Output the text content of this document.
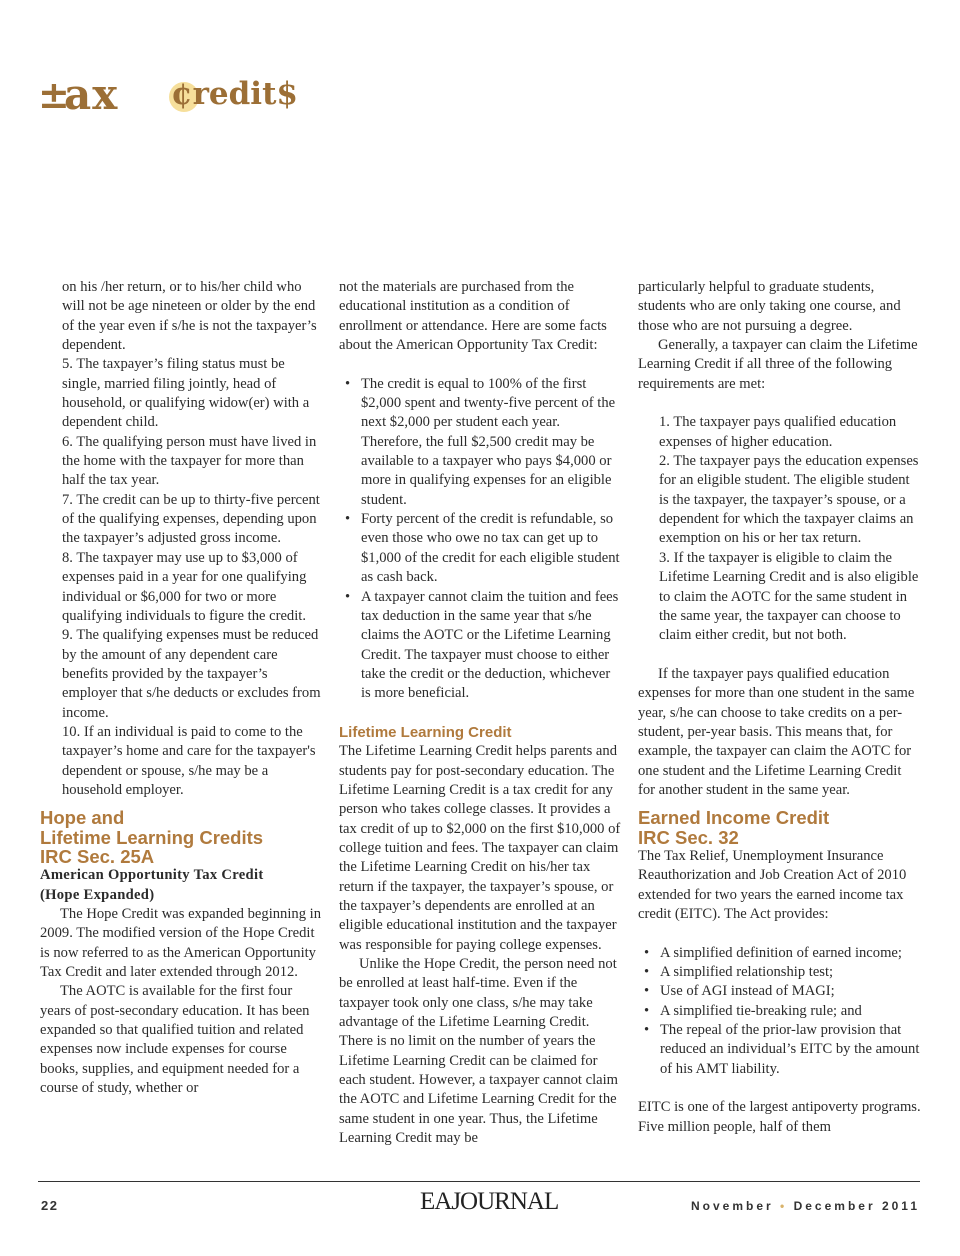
±
ax ¢redit$

on his /her return, or to his/her child who will not be age nineteen or older by the end of the year even if s/he is not the taxpayer’s dependent.

5. The taxpayer’s filing status must be single, married filing jointly, head of household, or qualifying widow(er) with a dependent child.

6. The qualifying person must have lived in the home with the taxpayer for more than half the tax year.

7. The credit can be up to thirty-five percent of the qualifying expenses, depending upon the taxpayer’s adjusted gross income.

8. The taxpayer may use up to $3,000 of expenses paid in a year for one qualifying individual or $6,000 for two or more qualifying individuals to figure the credit.

9. The qualifying expenses must be reduced by the amount of any dependent care benefits provided by the taxpayer’s employer that s/he deducts or excludes from income.

10. If an individual is paid to come to the taxpayer’s home and care for the taxpayer's dependent or spouse, s/he may be a household employer.

Hope and

Lifetime Learning Credits

IRC Sec. 25A

American Opportunity Tax Credit

(Hope Expanded)

The Hope Credit was expanded beginning in 2009. The modified version of the Hope Credit is now referred to as the American Opportunity Tax Credit and later extended through 2012.

The AOTC is available for the first four years of post-secondary education. It has been expanded so that qualified tuition and related expenses now include expenses for course books, supplies, and equipment needed for a course of study, whether or

not the materials are purchased from the educational institution as a condition of enrollment or attendance. Here are some facts about the American Opportunity Tax Credit:

• The credit is equal to 100% of the first $2,000 spent and twenty-five percent of the next $2,000 per student each year. Therefore, the full $2,500 credit may be available to a taxpayer who pays $4,000 or more in qualifying expenses for an eligible student.
• Forty percent of the credit is refundable, so even those who owe no tax can get up to $1,000 of the credit for each eligible student as cash back.
• A taxpayer cannot claim the tuition and fees tax deduction in the same year that s/he claims the AOTC or the Lifetime Learning Credit. The taxpayer must choose to either take the credit or the deduction, whichever is more beneficial.

Lifetime Learning Credit

The Lifetime Learning Credit helps parents and students pay for post-secondary education. The Lifetime Learning Credit is a tax credit for any person who takes college classes. It provides a tax credit of up to $2,000 on the first $10,000 of college tuition and fees. The taxpayer can claim the Lifetime Learning Credit on his/her tax return if the taxpayer, the taxpayer’s spouse, or the taxpayer’s dependents are enrolled at an eligible educational institution and the taxpayer was responsible for paying college expenses.

Unlike the Hope Credit, the person need not be enrolled at least half-time. Even if the taxpayer took only one class, s/he may take advantage of the Lifetime Learning Credit. There is no limit on the number of years the Lifetime Learning Credit can be claimed for each student. However, a taxpayer cannot claim the AOTC and Lifetime Learning Credit for the same student in one year. Thus, the Lifetime Learning Credit may be

particularly helpful to graduate students, students who are only taking one course, and those who are not pursuing a degree.

Generally, a taxpayer can claim the Lifetime Learning Credit if all three of the following requirements are met:

1. The taxpayer pays qualified education expenses of higher education.

2. The taxpayer pays the education expenses for an eligible student. The eligible student is the taxpayer, the taxpayer’s spouse, or a dependent for which the taxpayer claims an exemption on his or her tax return.

3. If the taxpayer is eligible to claim the Lifetime Learning Credit and is also eligible to claim the AOTC for the same student in the same year, the taxpayer can choose to claim either credit, but not both.

If the taxpayer pays qualified education expenses for more than one student in the same year, s/he can choose to take credits on a per-student, per-year basis. This means that, for example, the taxpayer can claim the AOTC for one student and the Lifetime Learning Credit for another student in the same year.

Earned Income Credit

IRC Sec. 32

The Tax Relief, Unemployment Insurance Reauthorization and Job Creation Act of 2010 extended for two years the earned income tax credit (EITC). The Act provides:

• A simplified definition of earned income;
• A simplified relationship test;
• Use of AGI instead of MAGI;
• A simplified tie-breaking rule; and
• The repeal of the prior-law provision that reduced an individual’s EITC by the amount of his AMT liability.

EITC is one of the largest antipoverty programs. Five million people, half of them

22	EAJOURNAL	November • December 2011
